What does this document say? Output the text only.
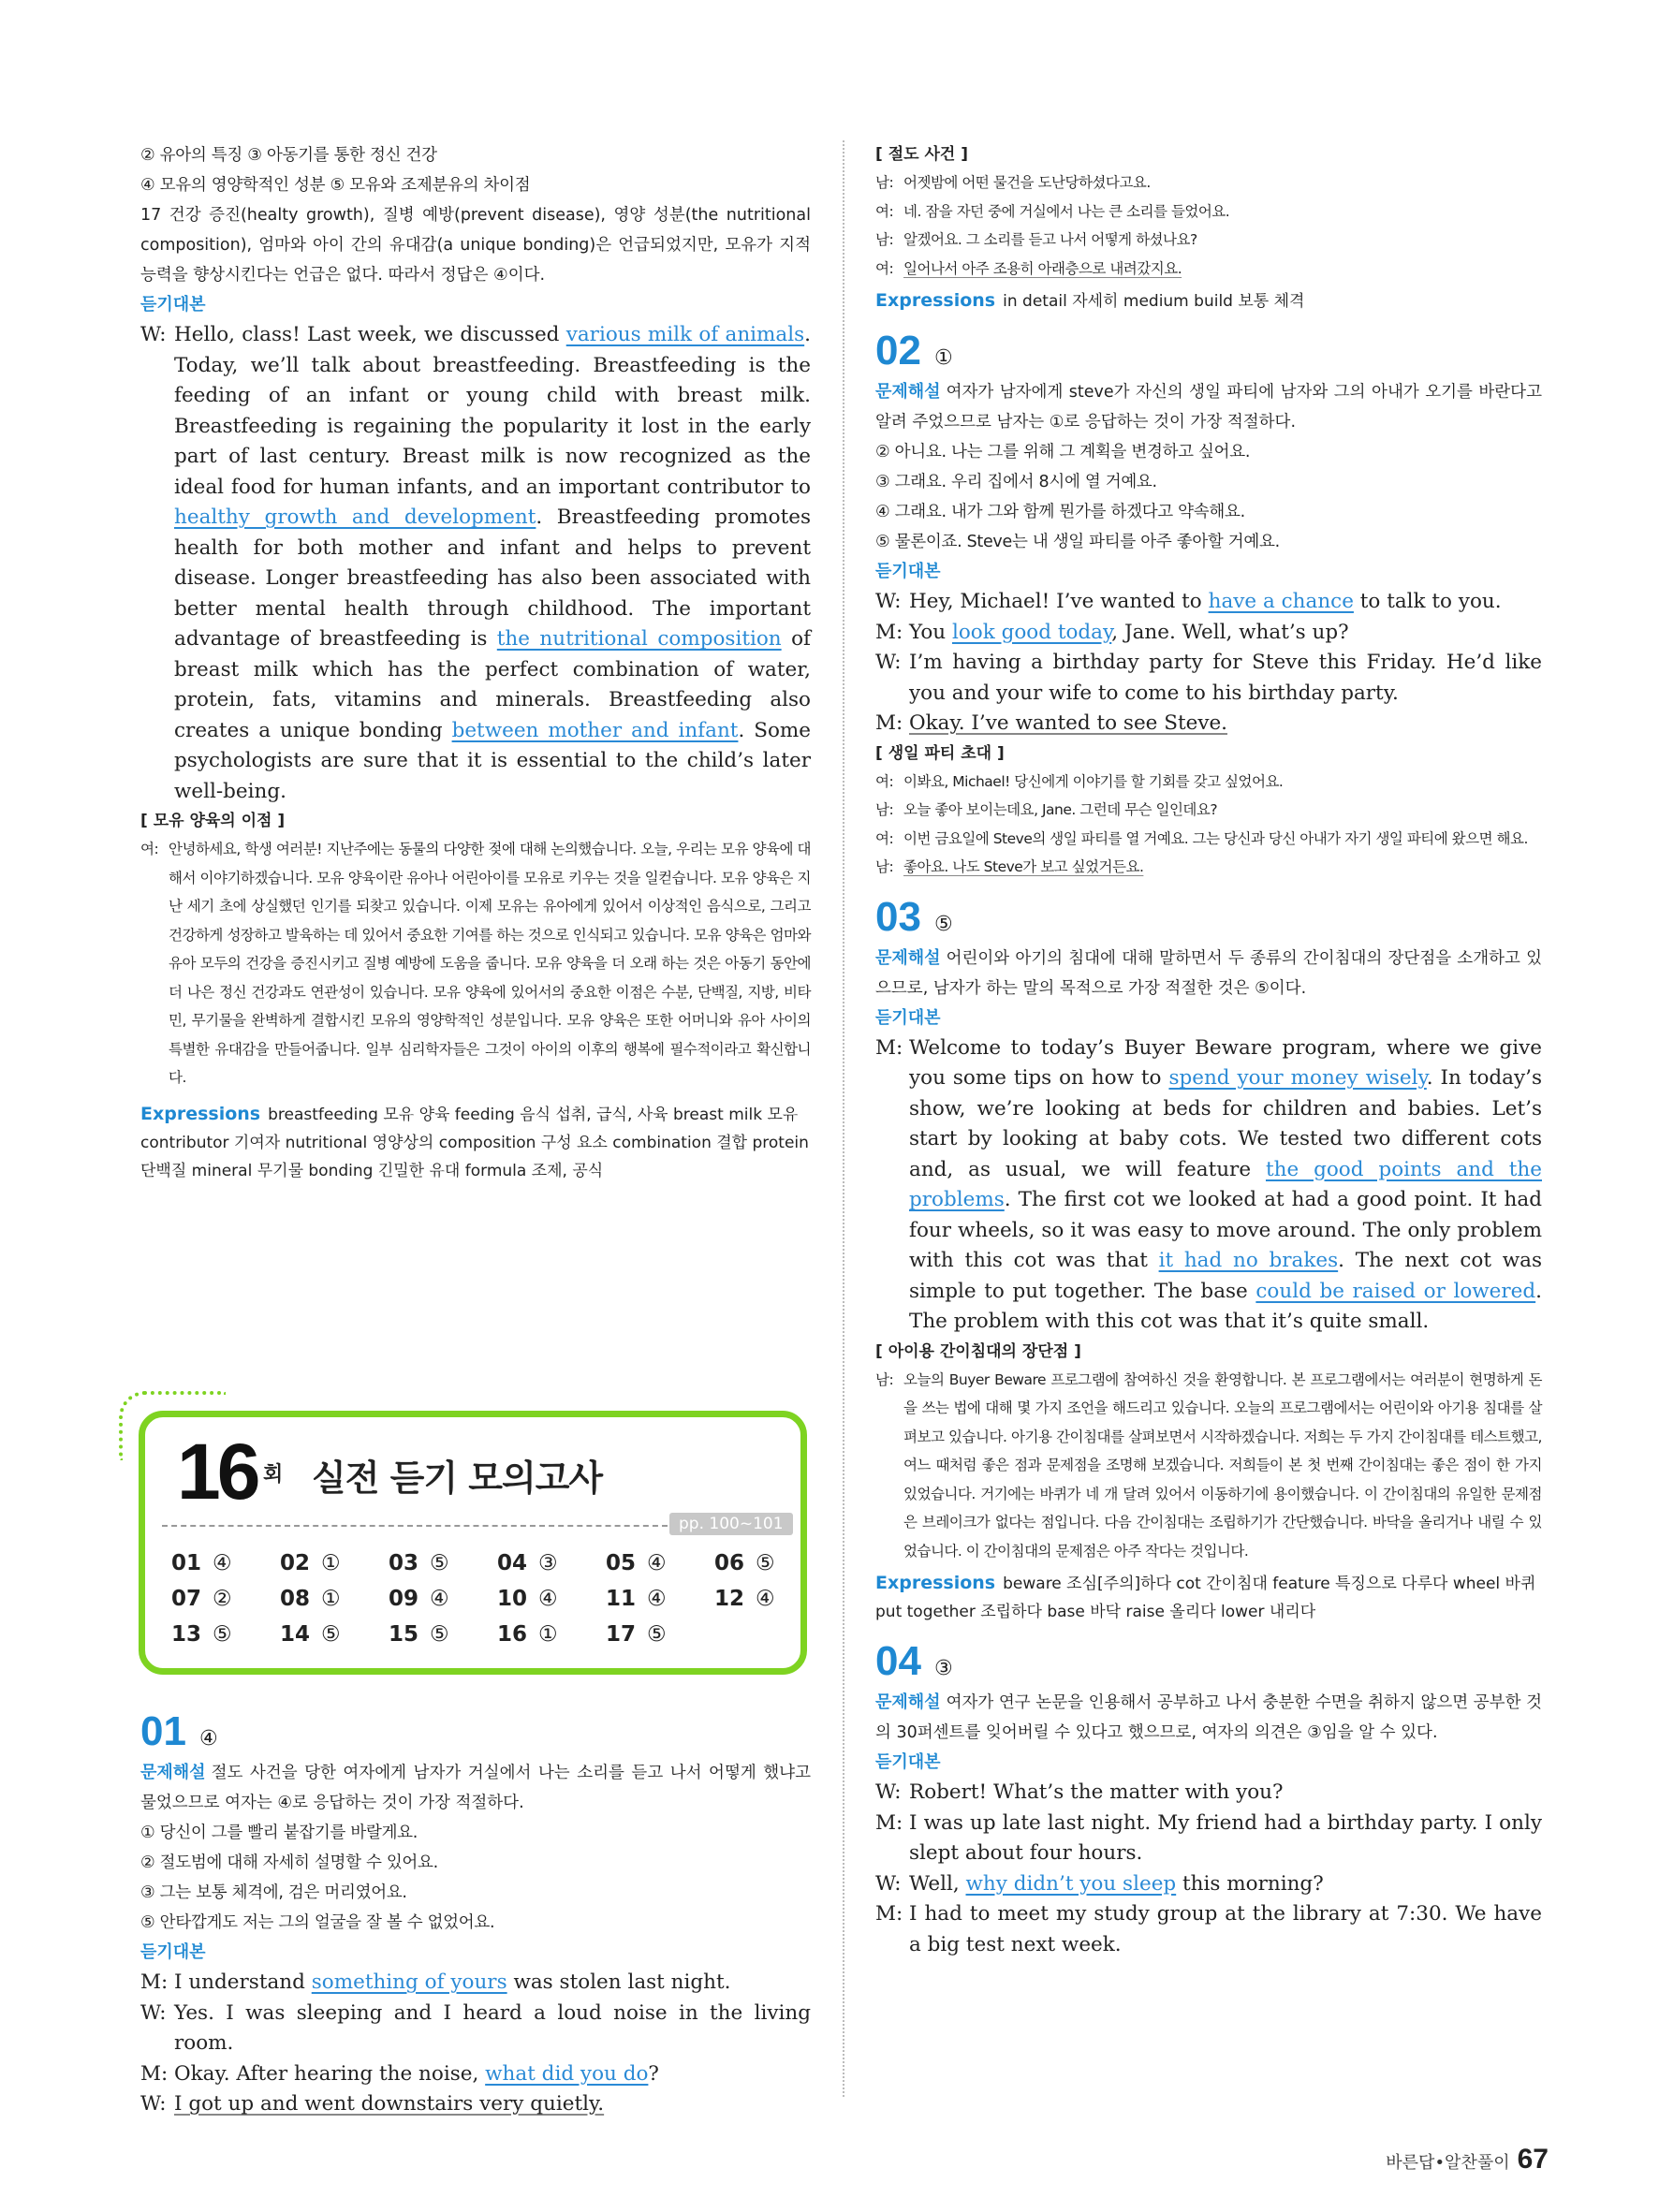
② 유아의 특징 ③ 아동기를 통한 정신 건강

④ 모유의 영양학적인 성분 ⑤ 모유와 조제분유의 차이점

17 건강 증진(healty growth), 질병 예방(prevent disease), 영양 성분(the nutritional composition), 엄마와 아이 간의 유대감(a unique bonding)은 언급되었지만, 모유가 지적 능력을 향상시킨다는 언급은 없다. 따라서 정답은 ④이다.

듣기대본

W: Hello, class! Last week, we discussed various milk of animals. Today, we’ll talk about breastfeeding. Breastfeeding is the feeding of an infant or young child with breast milk. Breastfeeding is regaining the popularity it lost in the early part of last century. Breast milk is now recognized as the ideal food for human infants, and an important contributor to healthy growth and development. Breastfeeding promotes health for both mother and infant and helps to prevent disease. Longer breastfeeding has also been associated with better mental health through childhood. The important advantage of breastfeeding is the nutritional composition of breast milk which has the perfect combination of water, protein, fats, vitamins and minerals. Breastfeeding also creates a unique bonding between mother and infant. Some psychologists are sure that it is essential to the child’s later well-being.

[ 모유 양육의 이점 ]

여: 안녕하세요, 학생 여러분! 지난주에는 동물의 다양한 젖에 대해 논의했습니다. 오늘, 우리는 모유 양육에 대해서 이야기하겠습니다. 모유 양육이란 유아나 어린아이를 모유로 키우는 것을 일컫습니다. 모유 양육은 지난 세기 초에 상실했던 인기를 되찾고 있습니다. 이제 모유는 유아에게 있어서 이상적인 음식으로, 그리고 건강하게 성장하고 발육하는 데 있어서 중요한 기여를 하는 것으로 인식되고 있습니다. 모유 양육은 엄마와 유아 모두의 건강을 증진시키고 질병 예방에 도움을 줍니다. 모유 양육을 더 오래 하는 것은 아동기 동안에 더 나은 정신 건강과도 연관성이 있습니다. 모유 양육에 있어서의 중요한 이점은 수분, 단백질, 지방, 비타민, 무기물을 완벽하게 결합시킨 모유의 영양학적인 성분입니다. 모유 양육은 또한 어머니와 유아 사이의 특별한 유대감을 만들어줍니다. 일부 심리학자들은 그것이 아이의 이후의 행복에 필수적이라고 확신합니다.

Expressions breastfeeding 모유 양육 feeding 음식 섭취, 급식, 사육 breast milk 모유 contributor 기여자 nutritional 영양상의 composition 구성 요소 combination 결합 protein 단백질 mineral 무기물 bonding 긴밀한 유대 formula 조제, 공식

16 회 실전 듣기 모의고사
pp. 100~101
01 ④	02 ①	03 ⑤	04 ③	05 ④	06 ⑤
07 ②	08 ①	09 ④	10 ④	11 ④	12 ④
13 ⑤	14 ⑤	15 ⑤	16 ①	17 ⑤
01 ④

문제해설 절도 사건을 당한 여자에게 남자가 거실에서 나는 소리를 듣고 나서 어떻게 했냐고 물었으므로 여자는 ④로 응답하는 것이 가장 적절하다.

① 당신이 그를 빨리 붙잡기를 바랄게요.

② 절도범에 대해 자세히 설명할 수 있어요.

③ 그는 보통 체격에, 검은 머리였어요.

⑤ 안타깝게도 저는 그의 얼굴을 잘 볼 수 없었어요.

듣기대본

M: I understand something of yours was stolen last night.
W: Yes. I was sleeping and I heard a loud noise in the living room.
M: Okay. After hearing the noise, what did you do?
W: I got up and went downstairs very quietly.

[ 절도 사건 ]

남: 어젯밤에 어떤 물건을 도난당하셨다고요.
여: 네. 잠을 자던 중에 거실에서 나는 큰 소리를 들었어요.
남: 알겠어요. 그 소리를 듣고 나서 어떻게 하셨나요?
여: 일어나서 아주 조용히 아래층으로 내려갔지요.

Expressions in detail 자세히 medium build 보통 체격

02 ①

문제해설 여자가 남자에게 steve가 자신의 생일 파티에 남자와 그의 아내가 오기를 바란다고 알려 주었으므로 남자는 ①로 응답하는 것이 가장 적절하다.

② 아니요. 나는 그를 위해 그 계획을 변경하고 싶어요.

③ 그래요. 우리 집에서 8시에 열 거예요.

④ 그래요. 내가 그와 함께 뭔가를 하겠다고 약속해요.

⑤ 물론이죠. Steve는 내 생일 파티를 아주 좋아할 거예요.

듣기대본

W: Hey, Michael! I’ve wanted to have a chance to talk to you.
M: You look good today, Jane. Well, what’s up?
W: I’m having a birthday party for Steve this Friday. He’d like you and your wife to come to his birthday party.
M: Okay. I’ve wanted to see Steve.

[ 생일 파티 초대 ]

여: 이봐요, Michael! 당신에게 이야기를 할 기회를 갖고 싶었어요.
남: 오늘 좋아 보이는데요, Jane. 그런데 무슨 일인데요?
여: 이번 금요일에 Steve의 생일 파티를 열 거예요. 그는 당신과 당신 아내가 자기 생일 파티에 왔으면 해요.
남: 좋아요. 나도 Steve가 보고 싶었거든요.
03 ⑤

문제해설 어린이와 아기의 침대에 대해 말하면서 두 종류의 간이침대의 장단점을 소개하고 있으므로, 남자가 하는 말의 목적으로 가장 적절한 것은 ⑤이다.

듣기대본

M: Welcome to today’s Buyer Beware program, where we give you some tips on how to spend your money wisely. In today’s show, we’re looking at beds for children and babies. Let’s start by looking at baby cots. We tested two different cots and, as usual, we will feature the good points and the problems. The first cot we looked at had a good point. It had four wheels, so it was easy to move around. The only problem with this cot was that it had no brakes. The next cot was simple to put together. The base could be raised or lowered. The problem with this cot was that it’s quite small.

[ 아이용 간이침대의 장단점 ]

남: 오늘의 Buyer Beware 프로그램에 참여하신 것을 환영합니다. 본 프로그램에서는 여러분이 현명하게 돈을 쓰는 법에 대해 몇 가지 조언을 해드리고 있습니다. 오늘의 프로그램에서는 어린이와 아기용 침대를 살펴보고 있습니다. 아기용 간이침대를 살펴보면서 시작하겠습니다. 저희는 두 가지 간이침대를 테스트했고, 여느 때처럼 좋은 점과 문제점을 조명해 보겠습니다. 저희들이 본 첫 번째 간이침대는 좋은 점이 한 가지 있었습니다. 거기에는 바퀴가 네 개 달려 있어서 이동하기에 용이했습니다. 이 간이침대의 유일한 문제점은 브레이크가 없다는 점입니다. 다음 간이침대는 조립하기가 간단했습니다. 바닥을 올리거나 내릴 수 있었습니다. 이 간이침대의 문제점은 아주 작다는 것입니다.

Expressions beware 조심[주의]하다 cot 간이침대 feature 특징으로 다루다 wheel 바퀴 put together 조립하다 base 바닥 raise 올리다 lower 내리다

04 ③

문제해설 여자가 연구 논문을 인용해서 공부하고 나서 충분한 수면을 취하지 않으면 공부한 것의 30퍼센트를 잊어버릴 수 있다고 했으므로, 여자의 의견은 ③임을 알 수 있다.

듣기대본

W: Robert! What’s the matter with you?
M: I was up late last night. My friend had a birthday party. I only slept about four hours.
W: Well, why didn’t you sleep this morning?
M: I had to meet my study group at the library at 7:30. We have a big test next week.
바른답•알찬풀이 67
